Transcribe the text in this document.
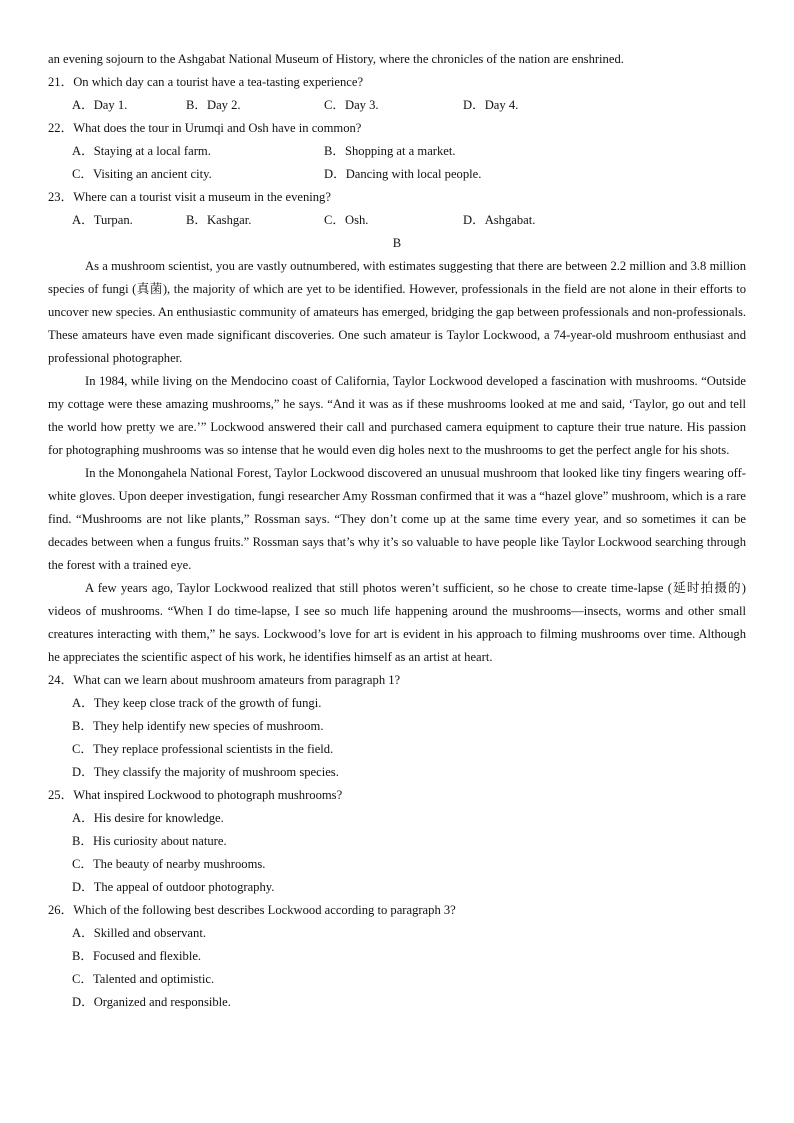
an evening sojourn to the Ashgabat National Museum of History, where the chronicles of the nation are enshrined.
21．On which day can a tourist have a tea-tasting experience?
A．Day 1.	B．Day 2.	C．Day 3.	D．Day 4.
22．What does the tour in Urumqi and Osh have in common?
A．Staying at a local farm.	B．Shopping at a market.
C．Visiting an ancient city.	D．Dancing with local people.
23．Where can a tourist visit a museum in the evening?
A．Turpan.	B．Kashgar.	C．Osh.	D．Ashgabat.
B

As a mushroom scientist, you are vastly outnumbered, with estimates suggesting that there are between 2.2 million and 3.8 million species of fungi (真菌), the majority of which are yet to be identified. However, professionals in the field are not alone in their efforts to uncover new species. An enthusiastic community of amateurs has emerged, bridging the gap between professionals and non-professionals. These amateurs have even made significant discoveries. One such amateur is Taylor Lockwood, a 74-year-old mushroom enthusiast and professional photographer.

In 1984, while living on the Mendocino coast of California, Taylor Lockwood developed a fascination with mushrooms. “Outside my cottage were these amazing mushrooms,” he says. “And it was as if these mushrooms looked at me and said, ‘Taylor, go out and tell the world how pretty we are.’” Lockwood answered their call and purchased camera equipment to capture their true nature. His passion for photographing mushrooms was so intense that he would even dig holes next to the mushrooms to get the perfect angle for his shots.

In the Monongahela National Forest, Taylor Lockwood discovered an unusual mushroom that looked like tiny fingers wearing off-white gloves. Upon deeper investigation, fungi researcher Amy Rossman confirmed that it was a “hazel glove” mushroom, which is a rare find. “Mushrooms are not like plants,” Rossman says. “They don’t come up at the same time every year, and so sometimes it can be decades between when a fungus fruits.” Rossman says that’s why it’s so valuable to have people like Taylor Lockwood searching through the forest with a trained eye.

A few years ago, Taylor Lockwood realized that still photos weren’t sufficient, so he chose to create time-lapse (延时拍摄的) videos of mushrooms. “When I do time-lapse, I see so much life happening around the mushrooms—insects, worms and other small creatures interacting with them,” he says. Lockwood’s love for art is evident in his approach to filming mushrooms over time. Although he appreciates the scientific aspect of his work, he identifies himself as an artist at heart.

24．What can we learn about mushroom amateurs from paragraph 1?
A．They keep close track of the growth of fungi.
B．They help identify new species of mushroom.
C．They replace professional scientists in the field.
D．They classify the majority of mushroom species.
25．What inspired Lockwood to photograph mushrooms?
A．His desire for knowledge.
B．His curiosity about nature.
C．The beauty of nearby mushrooms.
D．The appeal of outdoor photography.
26．Which of the following best describes Lockwood according to paragraph 3?
A．Skilled and observant.
B．Focused and flexible.
C．Talented and optimistic.
D．Organized and responsible.
